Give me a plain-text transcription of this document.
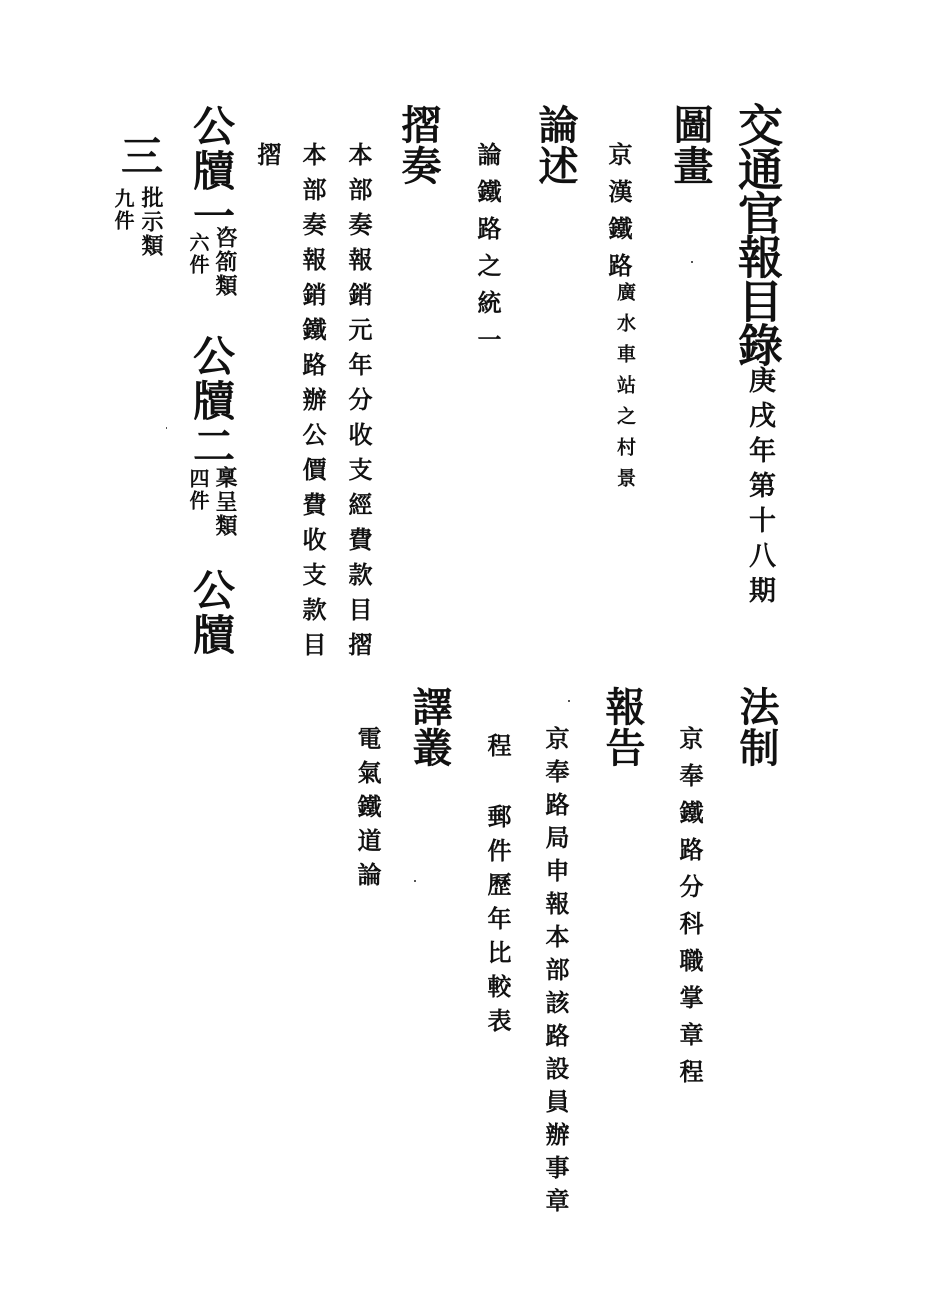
交通官報目錄
庚戌年第十八期
圖畫
京漢鐵路
廣水車站之村景
論述
論鐵路之統一
摺奏
本部奏報銷元年分收支經費款目摺
本部奏報銷鐵路辦公價費收支款目
摺
公牘一
咨箚類
六件
公牘二
稟呈類
四件
公牘
三
批示類
九件
法制
京奉鐵路分科職掌章程
報告
京奉路局申報本部該路設員辦事章
程
郵件歷年比較表
譯叢
電氣鐵道論
